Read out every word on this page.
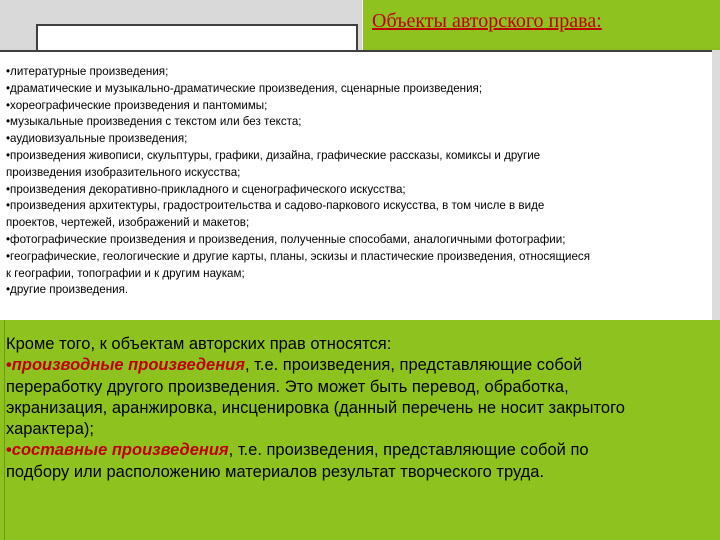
Объекты авторского права:
•литературные произведения;
•драматические и музыкально-драматические произведения, сценарные произведения;
•хореографические произведения и пантомимы;
•музыкальные произведения с текстом или без текста;
•аудиовизуальные произведения;
•произведения живописи, скульптуры, графики, дизайна, графические рассказы, комиксы и другие
произведения изобразительного искусства;
•произведения декоративно-прикладного и сценографического искусства;
•произведения архитектуры, градостроительства и садово-паркового искусства, в том числе в виде
проектов, чертежей, изображений и макетов;
•фотографические произведения и произведения, полученные способами, аналогичными фотографии;
•географические, геологические и другие карты, планы, эскизы и пластические произведения, относящиеся
к географии, топографии и к другим наукам;
•другие произведения.
Кроме того, к объектам авторских прав относятся:
•производные произведения, т.е. произведения, представляющие собой
переработку другого произведения. Это может быть перевод, обработка,
экранизация, аранжировка, инсценировка (данный перечень не носит закрытого
характера);
•составные произведения, т.е. произведения, представляющие собой по
подбору или расположению материалов результат творческого труда.
